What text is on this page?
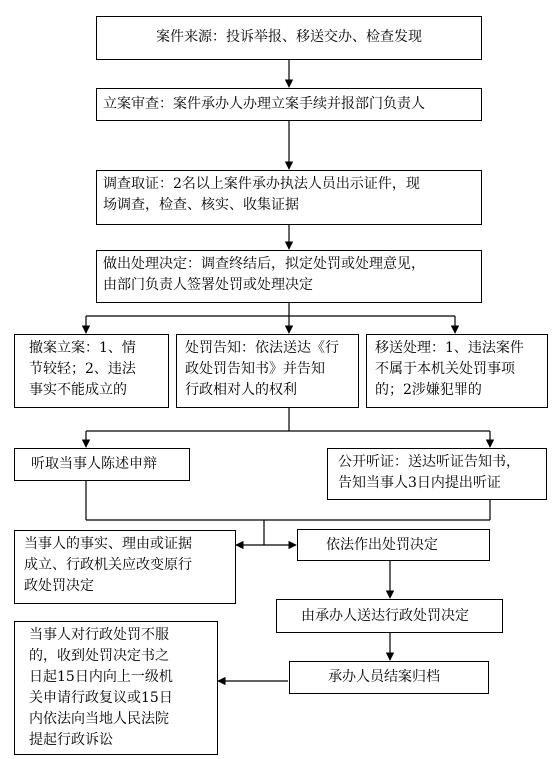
案件来源：投诉举报、移送交办、检查发现
立案审查：案件承办人办理立案手续并报部门负责人
调查取证：2名以上案件承办执法人员出示证件，现
场调查，检查、核实、收集证据
做出处理决定：调查终结后，拟定处罚或处理意见，
由部门负责人签署处罚或处理决定
撤案立案：1、情
节较轻；2、违法
事实不能成立的
处罚告知：依法送达《行
政处罚告知书》并告知
行政相对人的权利
移送处理：1、违法案件
不属于本机关处罚事项
的；2涉嫌犯罪的
听取当事人陈述申辩	公开听证：送达听证告知书，
告知当事人3日内提出听证
当事人的事实、理由或证据
成立、行政机关应改变原行
政处罚决定
依法作出处罚决定
由承办人送达行政处罚决定
承办人员结案归档
当事人对行政处罚不服
的，收到处罚决定书之
日起15日内向上一级机
关申请行政复议或15日
内依法向当地人民法院
提起行政诉讼
